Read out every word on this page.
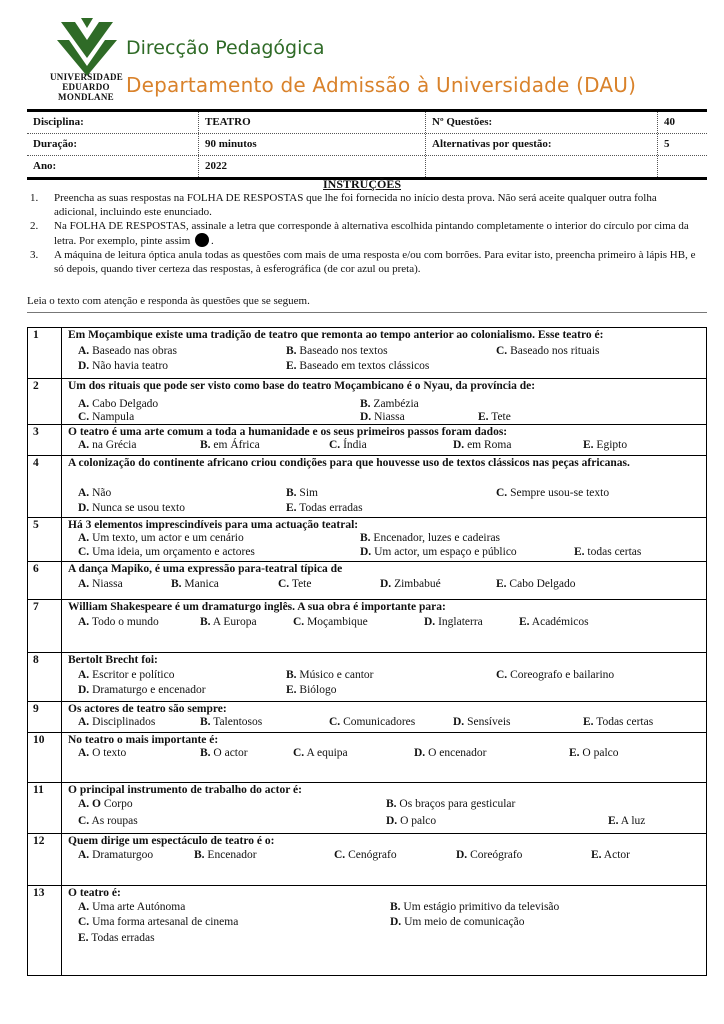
UNIVERSIDADE
EDUARDO
MONDLANE
Direcção Pedagógica
Departamento de Admissão à Universidade (DAU)
Disciplina:	TEATRO	Nº Questões:	40
Duração:	90 minutos	Alternativas por questão:	5
Ano:	2022
INSTRUÇÕES
1.	Preencha as suas respostas na FOLHA DE RESPOSTAS que lhe foi fornecida no início desta prova. Não será aceite qualquer outra folha adicional, incluindo este enunciado.
2.	Na FOLHA DE RESPOSTAS, assinale a letra que corresponde à alternativa escolhida pintando completamente o interior do círculo por cima da letra. Por exemplo, pinte assim .
3.	A máquina de leitura óptica anula todas as questões com mais de uma resposta e/ou com borrões. Para evitar isto, preencha primeiro à lápis HB, e só depois, quando tiver certeza das respostas, à esferográfica (de cor azul ou preta).
Leia o texto com atenção e responda às questões que se seguem.
1	Em Moçambique existe uma tradição de teatro que remonta ao tempo anterior ao colonialismo. Esse teatro é:
A. Baseado nas obras	B. Baseado nos textos	C. Baseado nos rituais
D. Não havia teatro	E. Baseado em textos clássicos
2	Um dos rituais que pode ser visto como base do teatro Moçambicano é o Nyau, da província de:
A. Cabo Delgado	B. Zambézia
C. Nampula	D. Niassa	E. Tete
3	O teatro é uma arte comum a toda a humanidade e os seus primeiros passos foram dados:
A. na Grécia	B. em África	C. Índia	D. em Roma	E. Egipto
4	A colonização do continente africano criou condições para que houvesse uso de textos clássicos nas peças africanas.
A. Não	B. Sim	C. Sempre usou-se texto
D. Nunca se usou texto	E. Todas erradas
5	Há 3 elementos imprescindíveis para uma actuação teatral:
A. Um texto, um actor e um cenário	B. Encenador, luzes e cadeiras
C. Uma ideia, um orçamento e actores	D. Um actor, um espaço e público	E. todas certas
6	A dança Mapiko, é uma expressão para-teatral típica de
A. Niassa	B. Manica	C. Tete	D. Zimbabué	E. Cabo Delgado
7	William Shakespeare é um dramaturgo inglês. A sua obra é importante para:
A. Todo o mundo	B. A Europa	C. Moçambique	D. Inglaterra	E. Académicos
8	Bertolt Brecht foi:
A. Escritor e político	B. Músico e cantor	C. Coreografo e bailarino
D. Dramaturgo e encenador	E. Biólogo
9	Os actores de teatro são sempre:
A. Disciplinados	B. Talentosos	C. Comunicadores	D. Sensíveis	E. Todas certas
10 No teatro o mais importante é:
A. O texto	B. O actor	C. A equipa	D. O encenador	E. O palco
11 O principal instrumento de trabalho do actor é:
A. O Corpo	B. Os braços para gesticular
C. As roupas	D. O palco	E. A luz
12 Quem dirige um espectáculo de teatro é o:
A. Dramaturgoo	B. Encenador	C. Cenógrafo	D. Coreógrafo	E. Actor
13 O teatro é:
A. Uma arte Autónoma	B. Um estágio primitivo da televisão
C. Uma forma artesanal de cinema	D. Um meio de comunicação
E. Todas erradas
